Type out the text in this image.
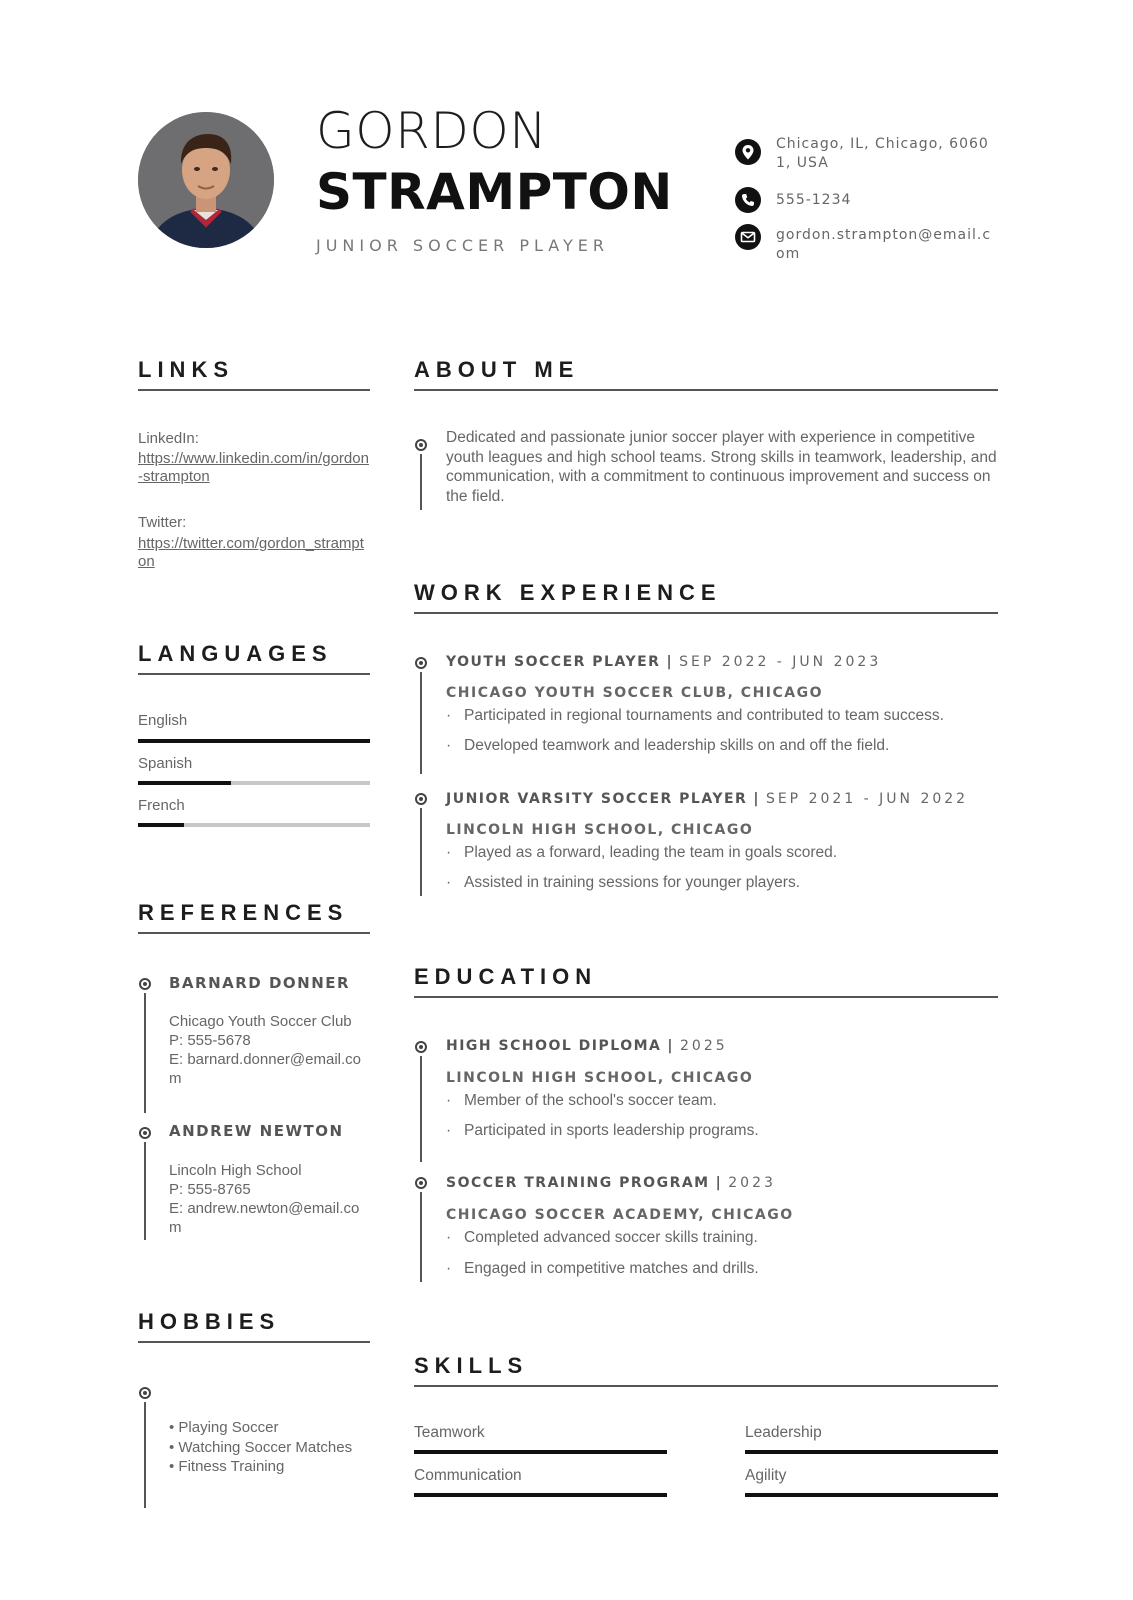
GORDON
STRAMPTON
JUNIOR SOCCER PLAYER
Chicago, IL, Chicago, 60601, USA
555-1234
gordon.strampton@email.com
LINKS
LinkedIn:
https://www.linkedin.com/in/gordon-strampton
Twitter:
https://twitter.com/gordon_strampton
LANGUAGES
English
Spanish
French
REFERENCES
BARNARD DONNER
Chicago Youth Soccer Club
P: 555-5678
E: barnard.donner@email.com
ANDREW NEWTON
Lincoln High School
P: 555-8765
E: andrew.newton@email.com
HOBBIES
• Playing Soccer
• Watching Soccer Matches
• Fitness Training
ABOUT ME
Dedicated and passionate junior soccer player with experience in competitive youth leagues and high school teams. Strong skills in teamwork, leadership, and communication, with a commitment to continuous improvement and success on the field.
WORK EXPERIENCE
YOUTH SOCCER PLAYER | SEP 2022 - JUN 2023
CHICAGO YOUTH SOCCER CLUB, CHICAGO
· Participated in regional tournaments and contributed to team success.
· Developed teamwork and leadership skills on and off the field.
JUNIOR VARSITY SOCCER PLAYER | SEP 2021 - JUN 2022
LINCOLN HIGH SCHOOL, CHICAGO
· Played as a forward, leading the team in goals scored.
· Assisted in training sessions for younger players.
EDUCATION
HIGH SCHOOL DIPLOMA | 2025
LINCOLN HIGH SCHOOL, CHICAGO
· Member of the school's soccer team.
· Participated in sports leadership programs.
SOCCER TRAINING PROGRAM | 2023
CHICAGO SOCCER ACADEMY, CHICAGO
· Completed advanced soccer skills training.
· Engaged in competitive matches and drills.
SKILLS
Teamwork	Leadership
Communication	Agility
